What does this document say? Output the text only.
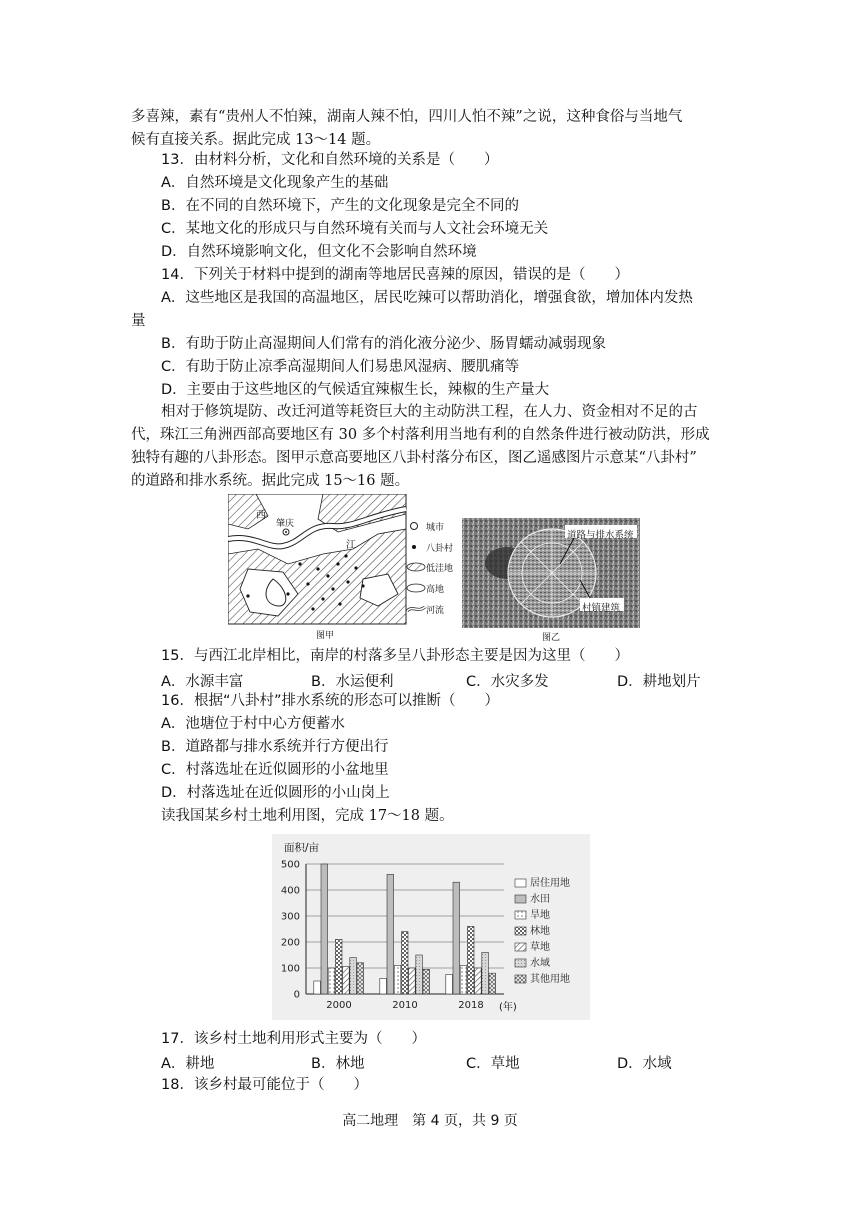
多喜辣，素有“贵州人不怕辣，湖南人辣不怕，四川人怕不辣”之说，这种食俗与当地气
候有直接关系。据此完成 13～14 题。
13．由材料分析，文化和自然环境的关系是（　　）
A．自然环境是文化现象产生的基础
B．在不同的自然环境下，产生的文化现象是完全不同的
C．某地文化的形成只与自然环境有关而与人文社会环境无关
D．自然环境影响文化，但文化不会影响自然环境
14．下列关于材料中提到的湖南等地居民喜辣的原因，错误的是（　　）
A．这些地区是我国的高温地区，居民吃辣可以帮助消化，增强食欲，增加体内发热
量
B．有助于防止高湿期间人们常有的消化液分泌少、肠胃蠕动减弱现象
C．有助于防止凉季高湿期间人们易患风湿病、腰肌痛等
D．主要由于这些地区的气候适宜辣椒生长，辣椒的生产量大
相对于修筑堤防、改迁河道等耗资巨大的主动防洪工程，在人力、资金相对不足的古
代，珠江三角洲西部高要地区有 30 多个村落利用当地有利的自然条件进行被动防洪，形成
独特有趣的八卦形态。图甲示意高要地区八卦村落分布区，图乙遥感图片示意某“八卦村”
的道路和排水系统。据此完成 15～16 题。
西
江
肇庆	城市
八卦村
低洼地
高地
河流
图甲
道路与排水系统
村镇建筑
图乙
15．与西江北岸相比，南岸的村落多呈八卦形态主要是因为这里（　　）
A．水源丰富	B．水运便利	C．水灾多发	D．耕地划片
16．根据“八卦村”排水系统的形态可以推断（　　）
A．池塘位于村中心方便蓄水
B．道路都与排水系统并行方便出行
C．村落选址在近似圆形的小盆地里
D．村落选址在近似圆形的小山岗上
读我国某乡村土地利用图，完成 17～18 题。
0
100
200
300
400
500
2000	2010	2018
居住用地
水田
旱地
林地
草地
水域
其他用地
面积/亩
(年)
17．该乡村土地利用形式主要为（　　）
A．耕地	B．林地	C．草地	D．水域
18．该乡村最可能位于（　　）
高二地理　第 4 页，共 9 页
